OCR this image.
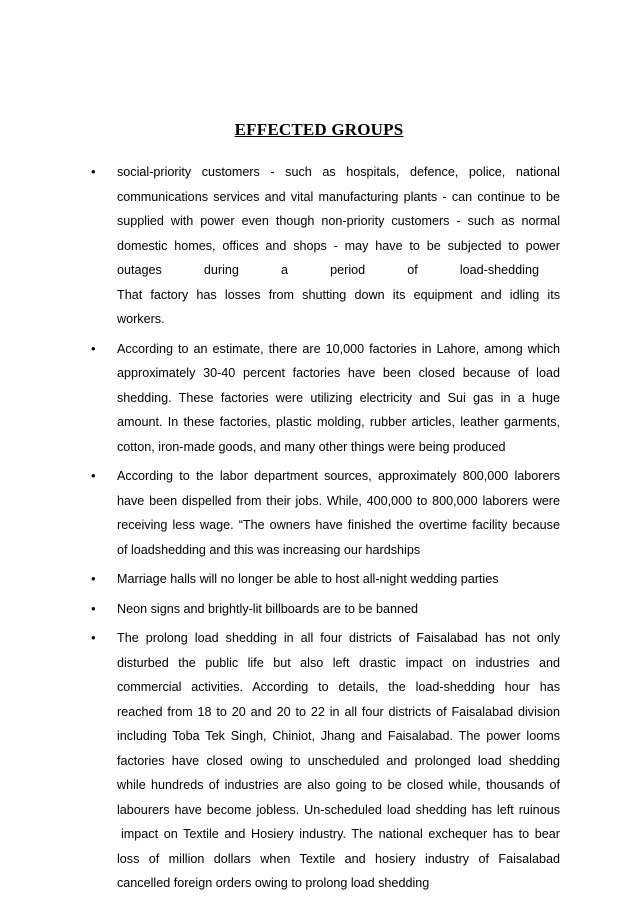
EFFECTED GROUPS
• social-priority customers - such as hospitals, defence, police, national
communications services and vital manufacturing plants - can continue to be
supplied with power even though non-priority customers - such as normal
domestic homes, offices and shops - may have to be subjected to power
outages during a period of load-shedding
That factory has losses from shutting down its equipment and idling its
workers.
• According to an estimate, there are 10,000 factories in Lahore, among which
approximately 30-40 percent factories have been closed because of load
shedding. These factories were utilizing electricity and Sui gas in a huge
amount. In these factories, plastic molding, rubber articles, leather garments,
cotton, iron-made goods, and many other things were being produced
• According to the labor department sources, approximately 800,000 laborers
have been dispelled from their jobs. While, 400,000 to 800,000 laborers were
receiving less wage. “The owners have finished the overtime facility because
of loadshedding and this was increasing our hardships
• Marriage halls will no longer be able to host all-night wedding parties
• Neon signs and brightly-lit billboards are to be banned
• The prolong load shedding in all four districts of Faisalabad has not only
disturbed the public life but also left drastic impact on industries and
commercial activities. According to details, the load-shedding hour has
reached from 18 to 20 and 20 to 22 in all four districts of Faisalabad division
including Toba Tek Singh, Chiniot, Jhang and Faisalabad. The power looms
factories have closed owing to unscheduled and prolonged load shedding
while hundreds of industries are also going to be closed while, thousands of
labourers have become jobless. Un-scheduled load shedding has left ruinous
impact on Textile and Hosiery industry. The national exchequer has to bear
loss of million dollars when Textile and hosiery industry of Faisalabad
cancelled foreign orders owing to prolong load shedding
